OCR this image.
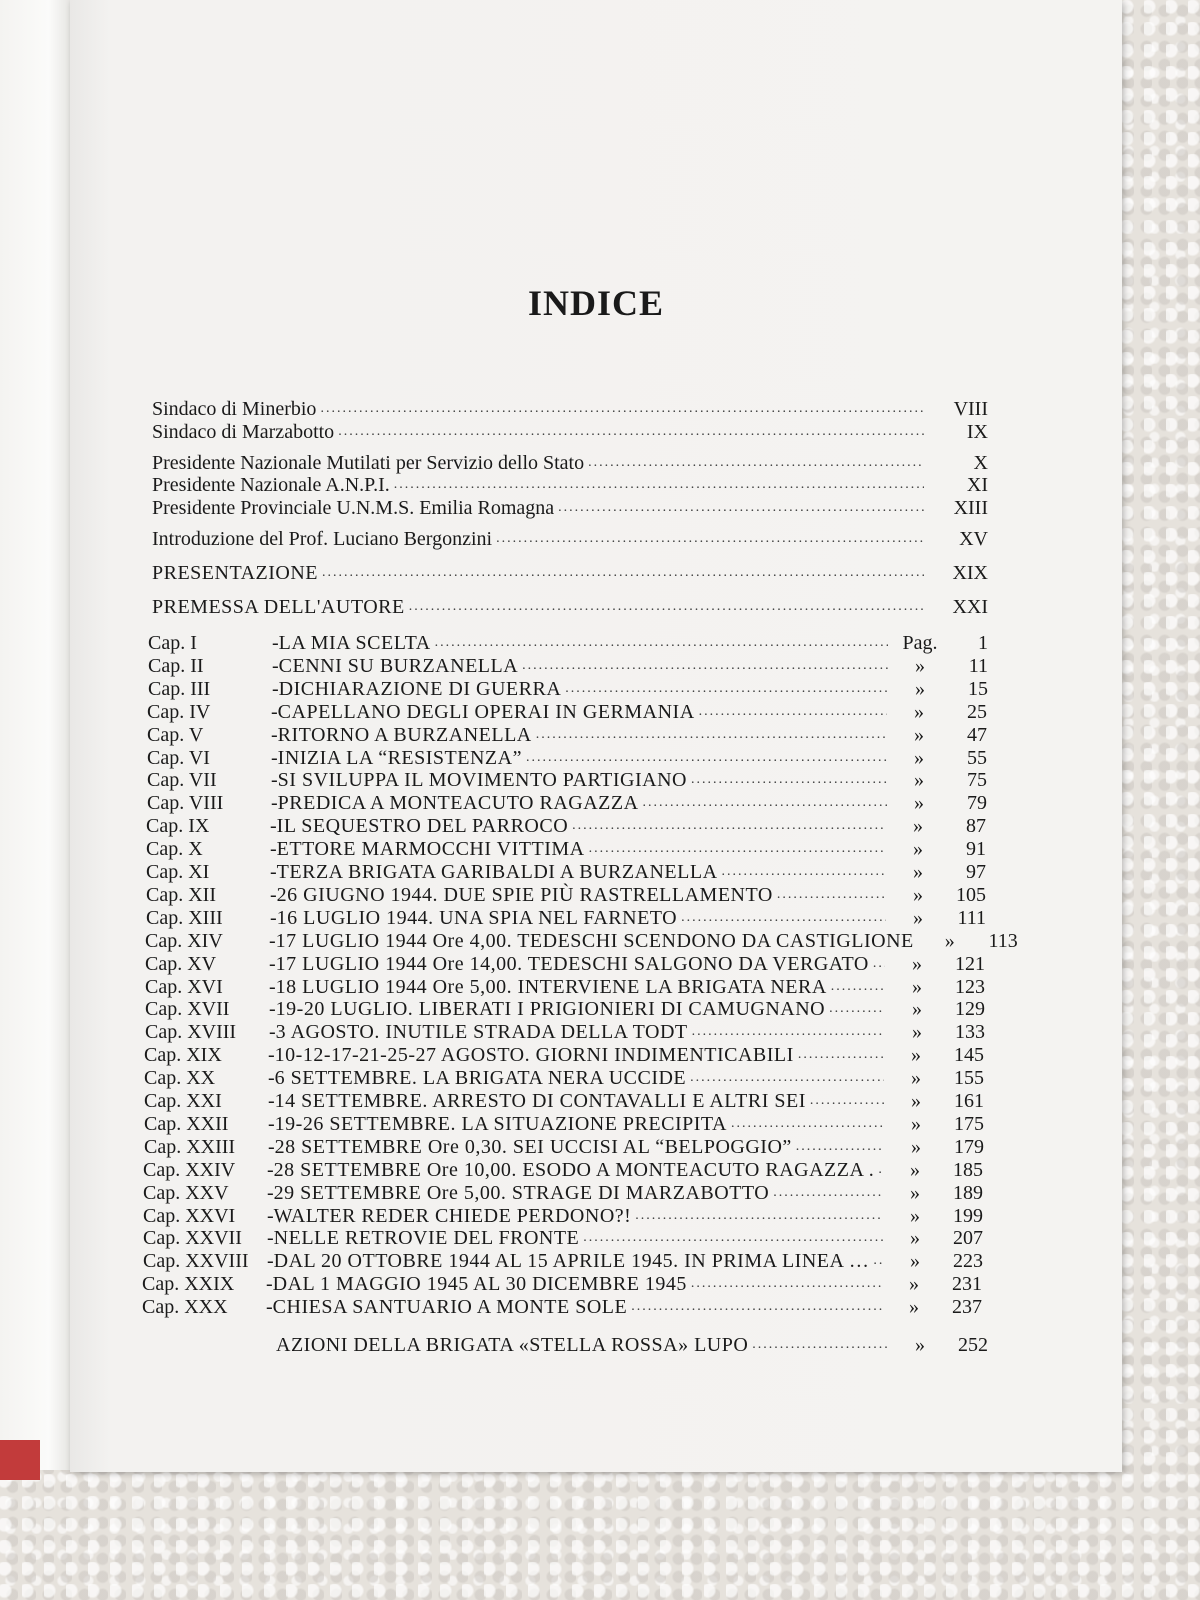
INDICE
Sindaco di Minerbio .....	VIII
Sindaco di Marzabotto .....	IX
Presidente Nazionale Mutilati per Servizio dello Stato .....	X
Presidente Nazionale A.N.P.I. .....	XI
Presidente Provinciale U.N.M.S. Emilia Romagna .....	XIII
Introduzione del Prof. Luciano Bergonzini .....	XV
PRESENTAZIONE .....	XIX
PREMESSA DELL'AUTORE .....	XXI
Cap. I	- LA MIA SCELTA .....	Pag.	1
Cap. II	- CENNI SU BURZANELLA .....	»	11
Cap. III	- DICHIARAZIONE DI GUERRA .....	»	15
Cap. IV	- CAPELLANO DEGLI OPERAI IN GERMANIA .....	»	25
Cap. V	- RITORNO A BURZANELLA .....	»	47
Cap. VI	- INIZIA LA “RESISTENZA” .....	»	55
Cap. VII	- SI SVILUPPA IL MOVIMENTO PARTIGIANO .....	»	75
Cap. VIII	- PREDICA A MONTEACUTO RAGAZZA .....	»	79
Cap. IX	- IL SEQUESTRO DEL PARROCO .....	»	87
Cap. X	- ETTORE MARMOCCHI VITTIMA .....	»	91
Cap. XI	- TERZA BRIGATA GARIBALDI A BURZANELLA .....	»	97
Cap. XII	- 26 GIUGNO 1944. DUE SPIE PIÙ RASTRELLAMENTO .....	»	105
Cap. XIII	- 16 LUGLIO 1944. UNA SPIA NEL FARNETO .....	»	111
Cap. XIV	- 17 LUGLIO 1944 Ore 4,00. TEDESCHI SCENDONO DA CASTIGLIONE	»	113
Cap. XV	- 17 LUGLIO 1944 Ore 14,00. TEDESCHI SALGONO DA VERGATO .....	»	121
Cap. XVI	- 18 LUGLIO 1944 Ore 5,00. INTERVIENE LA BRIGATA NERA .....	»	123
Cap. XVII	- 19-20 LUGLIO. LIBERATI I PRIGIONIERI DI CAMUGNANO .....	»	129
Cap. XVIII	- 3 AGOSTO. INUTILE STRADA DELLA TODT .....	»	133
Cap. XIX	- 10-12-17-21-25-27 AGOSTO. GIORNI INDIMENTICABILI .....	»	145
Cap. XX	- 6 SETTEMBRE. LA BRIGATA NERA UCCIDE .....	»	155
Cap. XXI	- 14 SETTEMBRE. ARRESTO DI CONTAVALLI E ALTRI SEI .....	»	161
Cap. XXII	- 19-26 SETTEMBRE. LA SITUAZIONE PRECIPITA .....	»	175
Cap. XXIII	- 28 SETTEMBRE Ore 0,30. SEI UCCISI AL “BELPOGGIO” .....	»	179
Cap. XXIV	- 28 SETTEMBRE Ore 10,00. ESODO A MONTEACUTO RAGAZZA . .....	»	185
Cap. XXV	- 29 SETTEMBRE Ore 5,00. STRAGE DI MARZABOTTO .....	»	189
Cap. XXVI	- WALTER REDER CHIEDE PERDONO?! .....	»	199
Cap. XXVII	- NELLE RETROVIE DEL FRONTE .....	»	207
Cap. XXVIII - DAL 20 OTTOBRE 1944 AL 15 APRILE 1945. IN PRIMA LINEA … .....	»	223
Cap. XXIX	- DAL 1 MAGGIO 1945 AL 30 DICEMBRE 1945 .....	»	231
Cap. XXX	- CHIESA SANTUARIO A MONTE SOLE .....	»	237
AZIONI DELLA BRIGATA «STELLA ROSSA» LUPO .....	»	252
